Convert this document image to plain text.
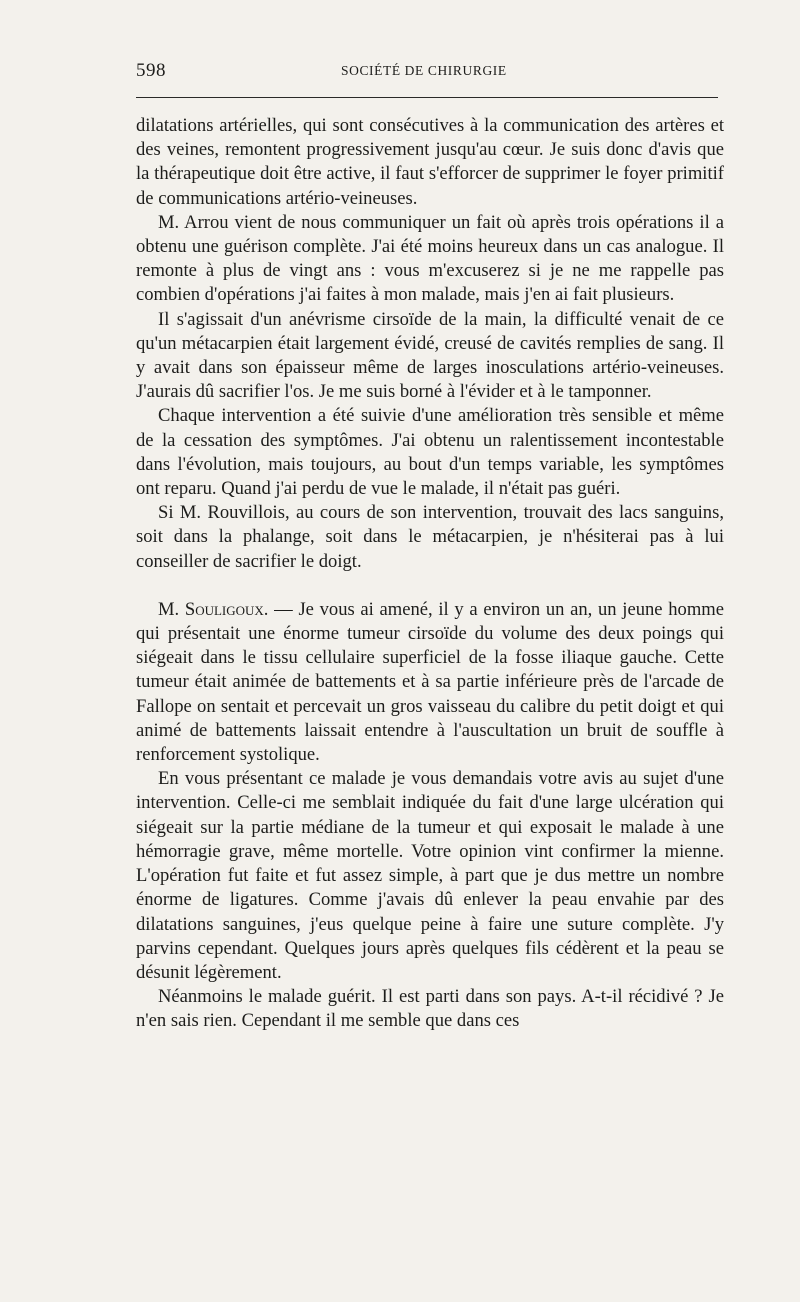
598	SOCIÉTÉ DE CHIRURGIE

dilatations artérielles, qui sont consécutives à la communication des artères et des veines, remontent progressivement jusqu'au cœur. Je suis donc d'avis que la thérapeutique doit être active, il faut s'efforcer de supprimer le foyer primitif de communications artério-veineuses.

M. Arrou vient de nous communiquer un fait où après trois opérations il a obtenu une guérison complète. J'ai été moins heureux dans un cas analogue. Il remonte à plus de vingt ans : vous m'excuserez si je ne me rappelle pas combien d'opérations j'ai faites à mon malade, mais j'en ai fait plusieurs.

Il s'agissait d'un anévrisme cirsoïde de la main, la difficulté venait de ce qu'un métacarpien était largement évidé, creusé de cavités remplies de sang. Il y avait dans son épaisseur même de larges inosculations artério-veineuses. J'aurais dû sacrifier l'os. Je me suis borné à l'évider et à le tamponner.

Chaque intervention a été suivie d'une amélioration très sensible et même de la cessation des symptômes. J'ai obtenu un ralentissement incontestable dans l'évolution, mais toujours, au bout d'un temps variable, les symptômes ont reparu. Quand j'ai perdu de vue le malade, il n'était pas guéri.

Si M. Rouvillois, au cours de son intervention, trouvait des lacs sanguins, soit dans la phalange, soit dans le métacarpien, je n'hésiterai pas à lui conseiller de sacrifier le doigt.

M. Souligoux. — Je vous ai amené, il y a environ un an, un jeune homme qui présentait une énorme tumeur cirsoïde du volume des deux poings qui siégeait dans le tissu cellulaire superficiel de la fosse iliaque gauche. Cette tumeur était animée de battements et à sa partie inférieure près de l'arcade de Fallope on sentait et percevait un gros vaisseau du calibre du petit doigt et qui animé de battements laissait entendre à l'auscultation un bruit de souffle à renforcement systolique.

En vous présentant ce malade je vous demandais votre avis au sujet d'une intervention. Celle-ci me semblait indiquée du fait d'une large ulcération qui siégeait sur la partie médiane de la tumeur et qui exposait le malade à une hémorragie grave, même mortelle. Votre opinion vint confirmer la mienne. L'opération fut faite et fut assez simple, à part que je dus mettre un nombre énorme de ligatures. Comme j'avais dû enlever la peau envahie par des dilatations sanguines, j'eus quelque peine à faire une suture complète. J'y parvins cependant. Quelques jours après quelques fils cédèrent et la peau se désunit légèrement.

Néanmoins le malade guérit. Il est parti dans son pays. A-t-il récidivé ? Je n'en sais rien. Cependant il me semble que dans ces
